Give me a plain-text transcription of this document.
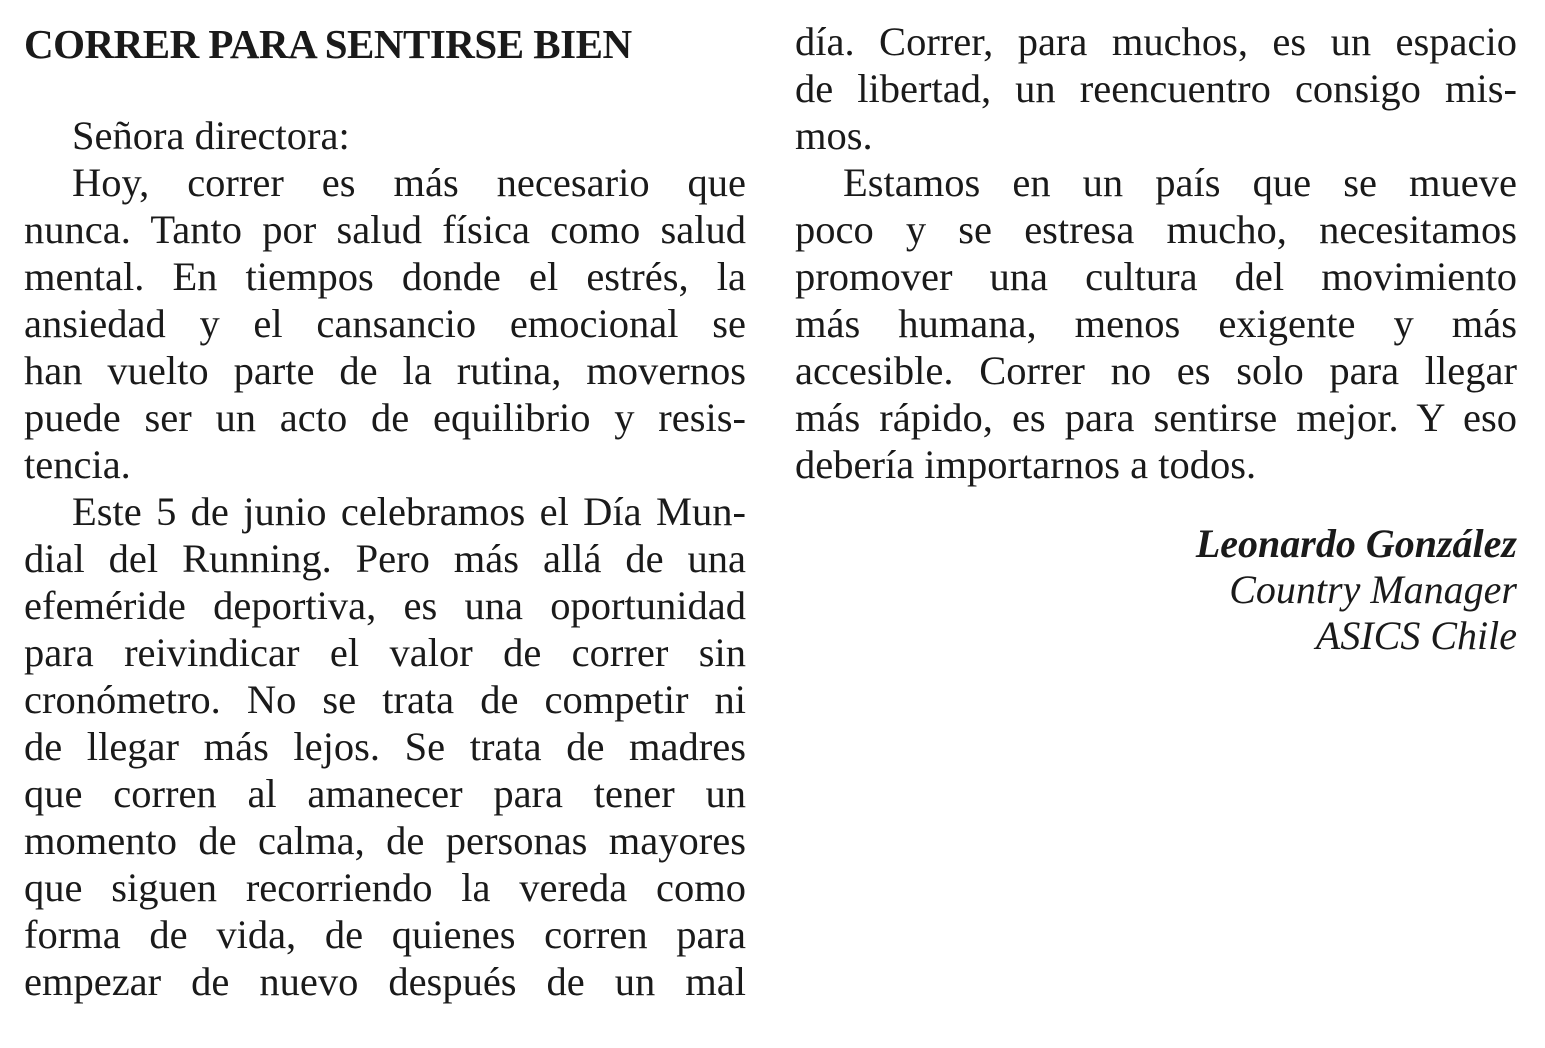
CORRER PARA SENTIRSE BIEN
Señora directora:
Hoy, correr es más necesario que
nunca. Tanto por salud física como salud
mental. En tiempos donde el estrés, la
ansiedad y el cansancio emocional se
han vuelto parte de la rutina, movernos
puede ser un acto de equilibrio y resis-
tencia.
Este 5 de junio celebramos el Día Mun-
dial del Running. Pero más allá de una
efeméride deportiva, es una oportunidad
para reivindicar el valor de correr sin
cronómetro. No se trata de competir ni
de llegar más lejos. Se trata de madres
que corren al amanecer para tener un
momento de calma, de personas mayores
que siguen recorriendo la vereda como
forma de vida, de quienes corren para
empezar de nuevo después de un mal
día. Correr, para muchos, es un espacio
de libertad, un reencuentro consigo mis-
mos.
Estamos en un país que se mueve
poco y se estresa mucho, necesitamos
promover una cultura del movimiento
más humana, menos exigente y más
accesible. Correr no es solo para llegar
más rápido, es para sentirse mejor. Y eso
debería importarnos a todos.
Leonardo González
Country Manager
ASICS Chile
